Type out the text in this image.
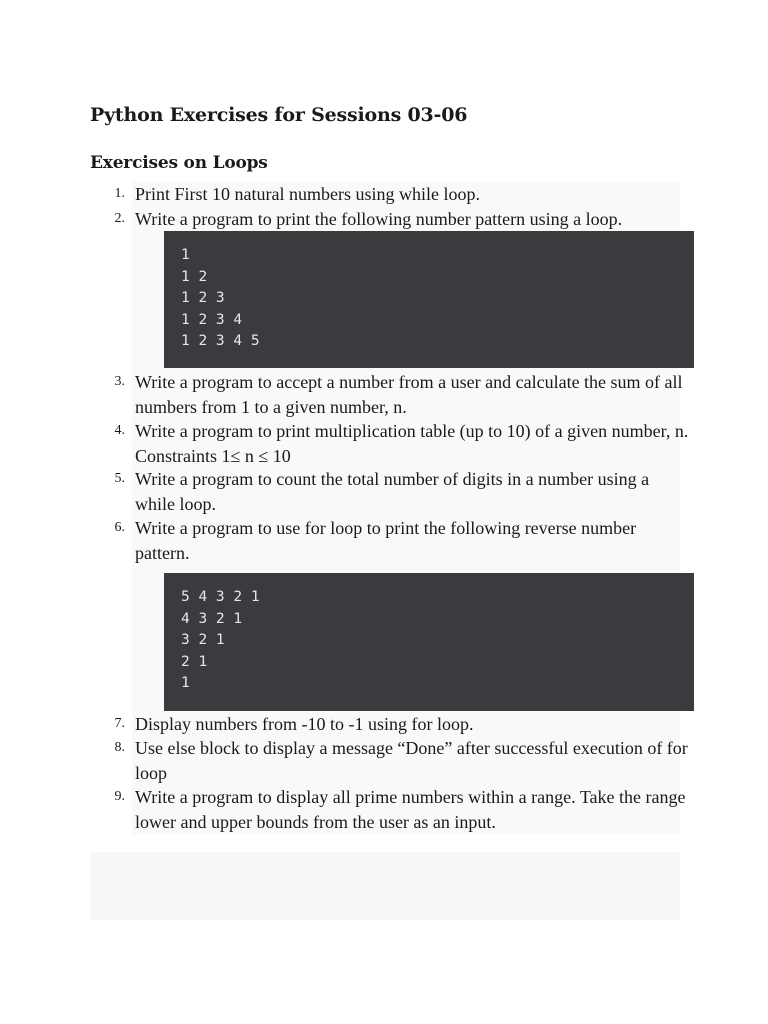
Python Exercises for Sessions 03-06
Exercises on Loops
1. Print First 10 natural numbers using while loop.
2. Write a program to print the following number pattern using a loop.
1
1 2
1 2 3
1 2 3 4
1 2 3 4 5
3. Write a program to accept a number from a user and calculate the sum of all numbers from 1 to a given number, n.
4. Write a program to print multiplication table (up to 10) of a given number, n. Constraints 1≤ n ≤ 10
5. Write a program to count the total number of digits in a number using a while loop.
6. Write a program to use for loop to print the following reverse number pattern.
5 4 3 2 1
4 3 2 1
3 2 1
2 1
1
7. Display numbers from -10 to -1 using for loop.
8. Use else block to display a message “Done” after successful execution of for loop
9. Write a program to display all prime numbers within a range. Take the range lower and upper bounds from the user as an input.
